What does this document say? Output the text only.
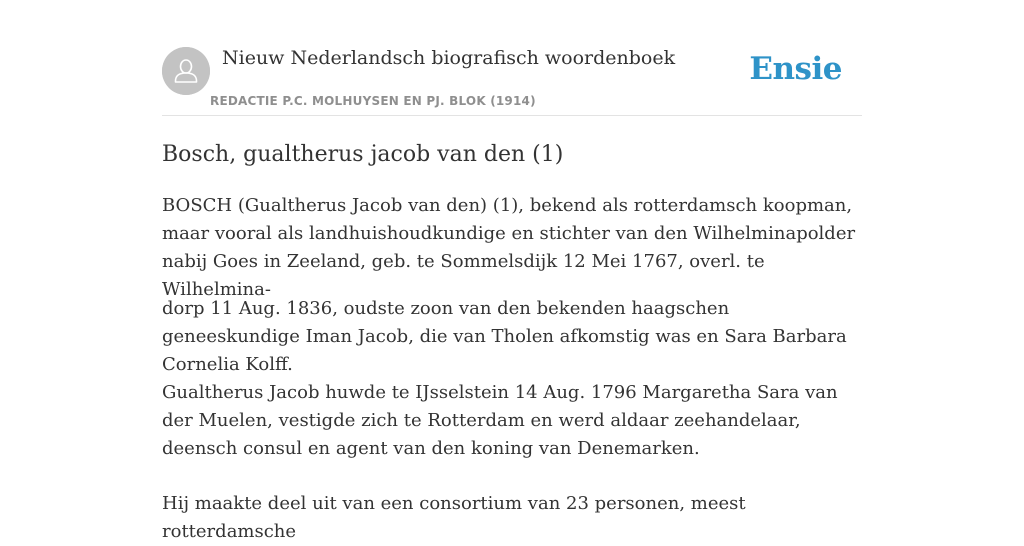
Nieuw Nederlandsch biografisch woordenboek
REDACTIE P.C. MOLHUYSEN EN PJ. BLOK (1914)
Ensie
Bosch, gualtherus jacob van den (1)

BOSCH (Gualtherus Jacob van den) (1), bekend als rotterdamsch koopman, maar vooral als landhuishoudkundige en stichter van den Wilhelminapolder nabij Goes in Zeeland, geb. te Sommelsdijk 12 Mei 1767, overl. te Wilhelmina-

dorp 11 Aug. 1836, oudste zoon van den bekenden haagschen geneeskundige Iman Jacob, die van Tholen afkomstig was en Sara Barbara Cornelia Kolff.

Gualtherus Jacob huwde te IJsselstein 14 Aug. 1796 Margaretha Sara van der Muelen, vestigde zich te Rotterdam en werd aldaar zeehandelaar, deensch consul en agent van den koning van Denemarken.

Hij maakte deel uit van een consortium van 23 personen, meest rotterdamsche
